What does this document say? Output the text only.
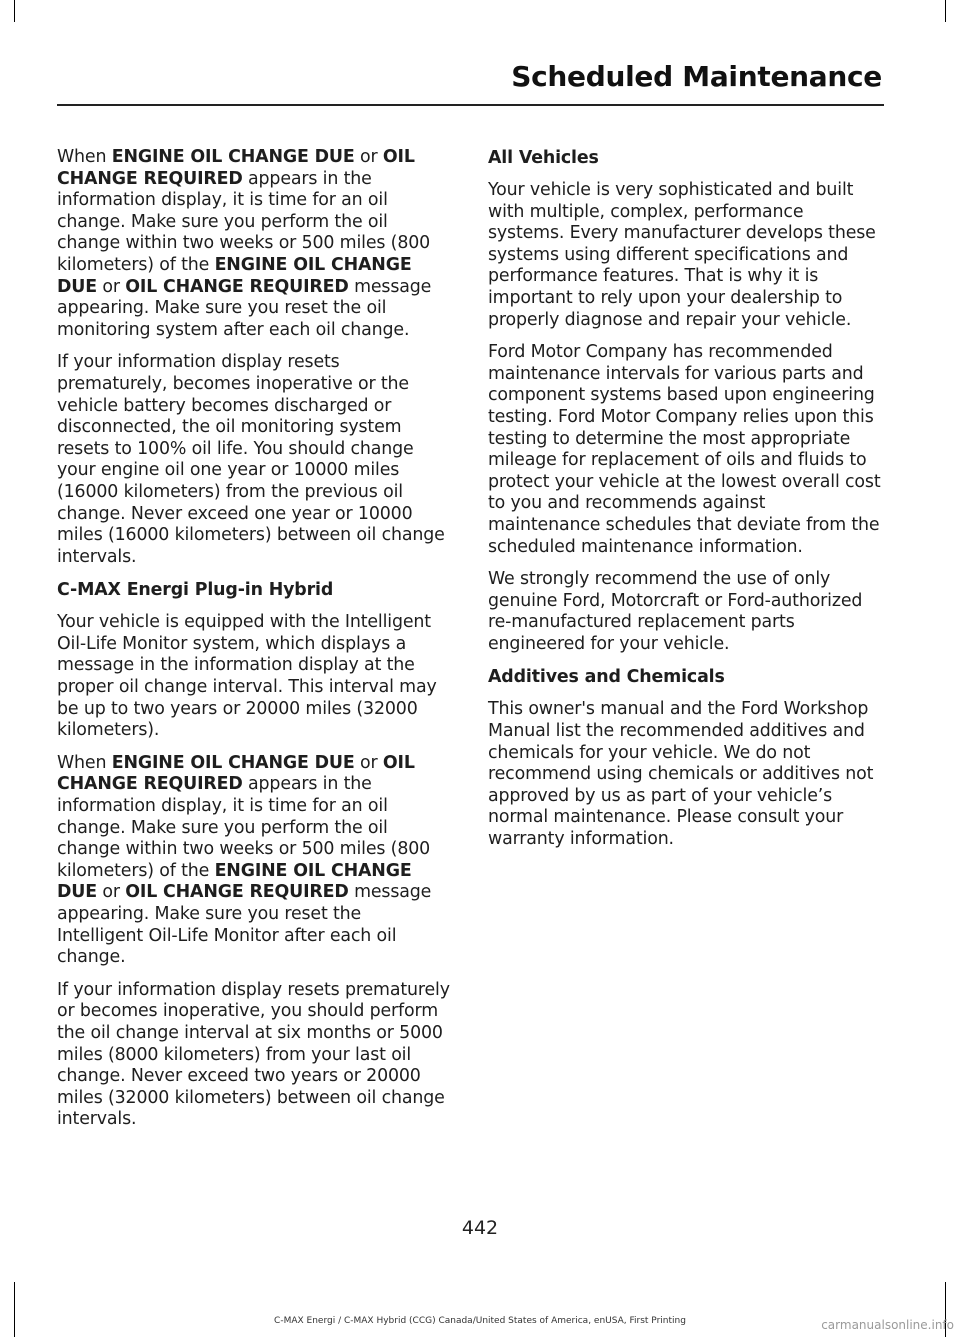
Scheduled Maintenance

When ENGINE OIL CHANGE DUE or OIL CHANGE REQUIRED appears in the information display, it is time for an oil change. Make sure you perform the oil change within two weeks or 500 miles (800 kilometers) of the ENGINE OIL CHANGE DUE or OIL CHANGE REQUIRED message appearing. Make sure you reset the oil monitoring system after each oil change.

If your information display resets prematurely, becomes inoperative or the vehicle battery becomes discharged or disconnected, the oil monitoring system resets to 100% oil life. You should change your engine oil one year or 10000 miles (16000 kilometers) from the previous oil change. Never exceed one year or 10000 miles (16000 kilometers) between oil change intervals.

C-MAX Energi Plug-in Hybrid

Your vehicle is equipped with the Intelligent Oil-Life Monitor system, which displays a message in the information display at the proper oil change interval. This interval may be up to two years or 20000 miles (32000 kilometers).

When ENGINE OIL CHANGE DUE or OIL CHANGE REQUIRED appears in the information display, it is time for an oil change. Make sure you perform the oil change within two weeks or 500 miles (800 kilometers) of the ENGINE OIL CHANGE DUE or OIL CHANGE REQUIRED message appearing. Make sure you reset the Intelligent Oil-Life Monitor after each oil change.

If your information display resets prematurely or becomes inoperative, you should perform the oil change interval at six months or 5000 miles (8000 kilometers) from your last oil change. Never exceed two years or 20000 miles (32000 kilometers) between oil change intervals.

All Vehicles

Your vehicle is very sophisticated and built with multiple, complex, performance systems. Every manufacturer develops these systems using different specifications and performance features. That is why it is important to rely upon your dealership to properly diagnose and repair your vehicle.

Ford Motor Company has recommended maintenance intervals for various parts and component systems based upon engineering testing. Ford Motor Company relies upon this testing to determine the most appropriate mileage for replacement of oils and fluids to protect your vehicle at the lowest overall cost to you and recommends against maintenance schedules that deviate from the scheduled maintenance information.

We strongly recommend the use of only genuine Ford, Motorcraft or Ford-authorized re-manufactured replacement parts engineered for your vehicle.

Additives and Chemicals

This owner's manual and the Ford Workshop Manual list the recommended additives and chemicals for your vehicle. We do not recommend using chemicals or additives not approved by us as part of your vehicle’s normal maintenance. Please consult your warranty information.

442
C-MAX Energi / C-MAX Hybrid (CCG) Canada/United States of America, enUSA, First Printing	carmanualsonline.info
